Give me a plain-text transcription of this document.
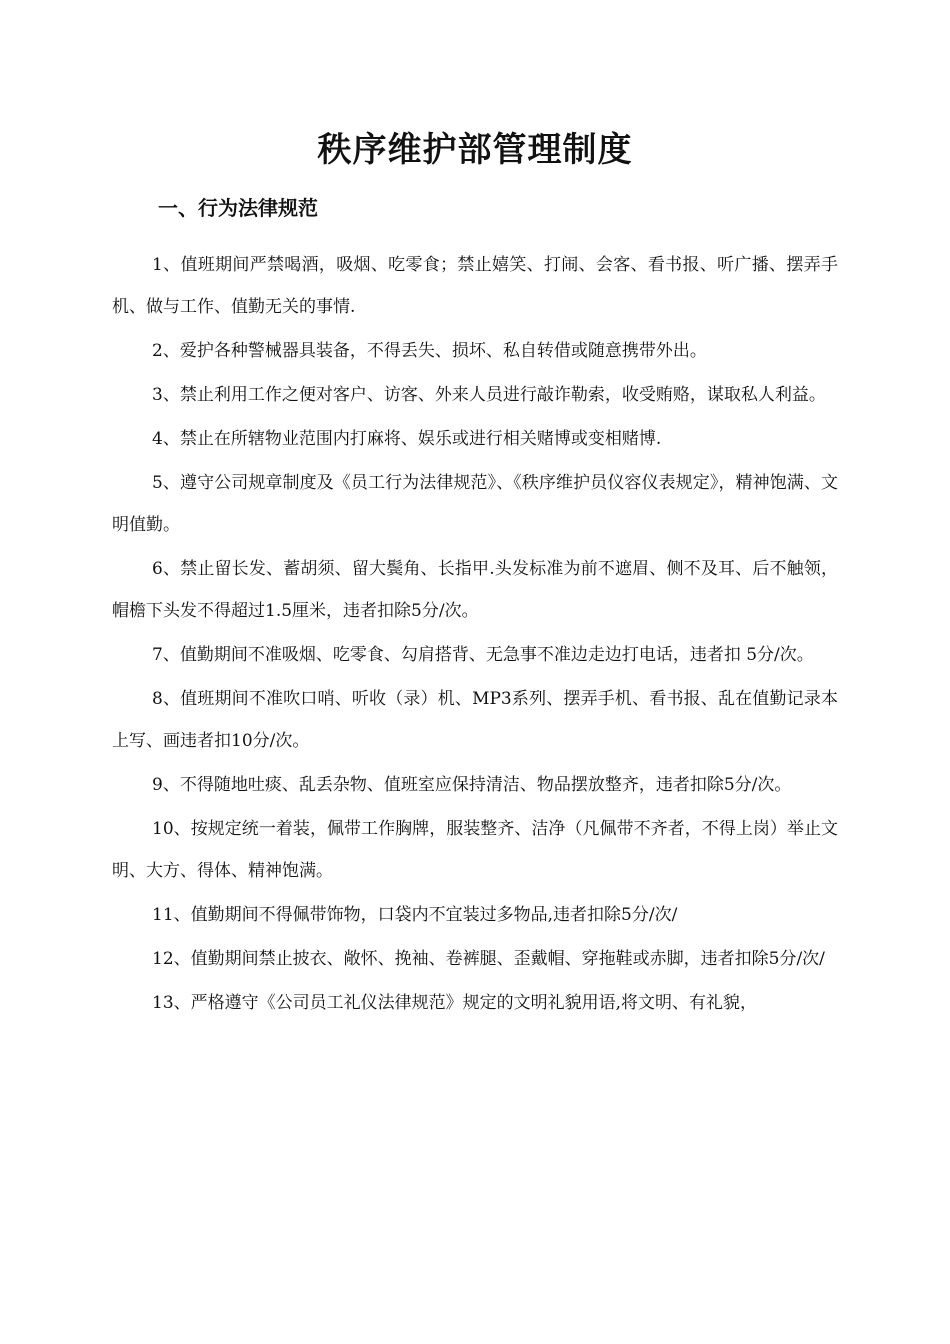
秩序维护部管理制度
一、行为法律规范
1、值班期间严禁喝酒，吸烟、吃零食；禁止嬉笑、打闹、会客、看书报、听广播、摆弄手机、做与工作、值勤无关的事情.
2、爱护各种警械器具装备，不得丢失、损坏、私自转借或随意携带外出。
3、禁止利用工作之便对客户、访客、外来人员进行敲诈勒索，收受贿赂，谋取私人利益。
4、禁止在所辖物业范围内打麻将、娱乐或进行相关赌博或变相赌博.
5、遵守公司规章制度及《员工行为法律规范》、《秩序维护员仪容仪表规定》，精神饱满、文明值勤。
6、禁止留长发、蓄胡须、留大鬓角、长指甲.头发标准为前不遮眉、侧不及耳、后不触领，帽檐下头发不得超过1.5厘米，违者扣除5分/次。
7、值勤期间不准吸烟、吃零食、勾肩搭背、无急事不准边走边打电话，违者扣 5分/次。
8、值班期间不准吹口哨、听收（录）机、MP3系列、摆弄手机、看书报、乱在值勤记录本上写、画违者扣10分/次。
9、不得随地吐痰、乱丢杂物、值班室应保持清洁、物品摆放整齐，违者扣除5分/次。
10、按规定统一着装，佩带工作胸牌，服装整齐、洁净（凡佩带不齐者，不得上岗）举止文明、大方、得体、精神饱满。
11、值勤期间不得佩带饰物，口袋内不宜装过多物品,违者扣除5分/次/
12、值勤期间禁止披衣、敞怀、挽袖、卷裤腿、歪戴帽、穿拖鞋或赤脚，违者扣除5分/次/
13、严格遵守《公司员工礼仪法律规范》规定的文明礼貌用语,将文明、有礼貌，
